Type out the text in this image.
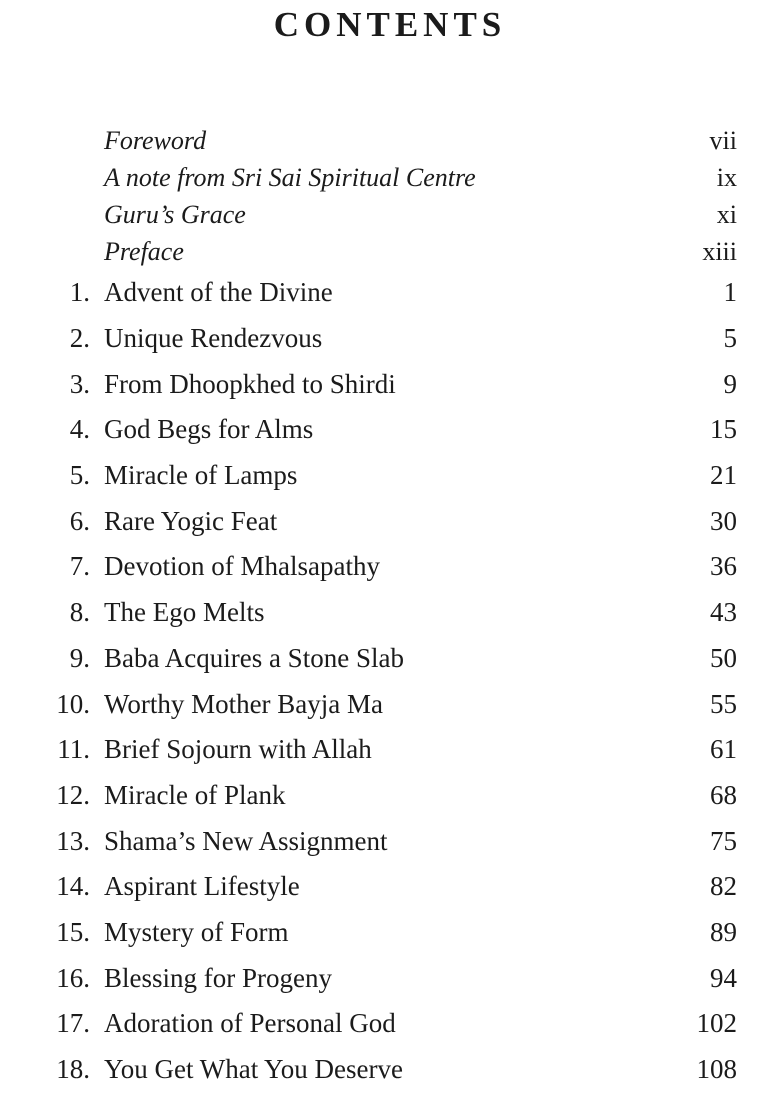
CONTENTS
Foreword	vii
A note from Sri Sai Spiritual Centre	ix
Guru’s Grace	xi
Preface	xiii
1. Advent of the Divine	1
2. Unique Rendezvous	5
3. From Dhoopkhed to Shirdi	9
4. God Begs for Alms	15
5. Miracle of Lamps	21
6. Rare Yogic Feat	30
7. Devotion of Mhalsapathy	36
8. The Ego Melts	43
9. Baba Acquires a Stone Slab	50
10. Worthy Mother Bayja Ma	55
11. Brief Sojourn with Allah	61
12. Miracle of Plank	68
13. Shama’s New Assignment	75
14. Aspirant Lifestyle	82
15. Mystery of Form	89
16. Blessing for Progeny	94
17. Adoration of Personal God	102
18. You Get What You Deserve	108
